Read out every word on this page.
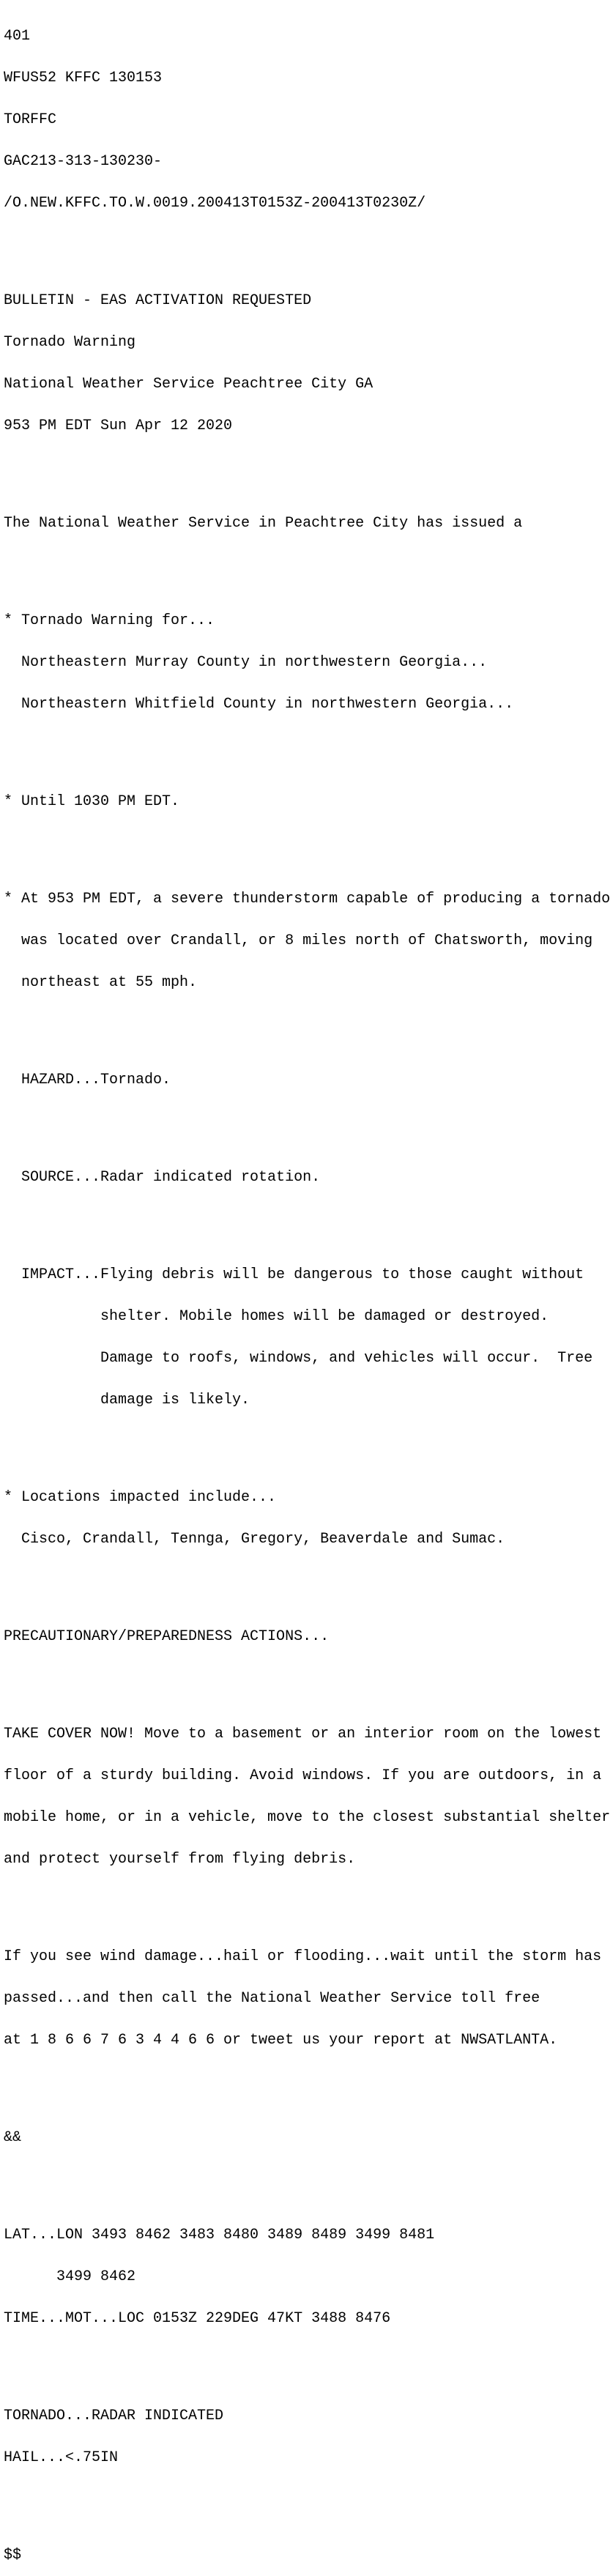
401

WFUS52 KFFC 130153

TORFFC

GAC213-313-130230-

/O.NEW.KFFC.TO.W.0019.200413T0153Z-200413T0230Z/

BULLETIN - EAS ACTIVATION REQUESTED

Tornado Warning

National Weather Service Peachtree City GA

953 PM EDT Sun Apr 12 2020

The National Weather Service in Peachtree City has issued a

* Tornado Warning for...

Northeastern Murray County in northwestern Georgia...

Northeastern Whitfield County in northwestern Georgia...

* Until 1030 PM EDT.

* At 953 PM EDT, a severe thunderstorm capable of producing a tornado

was located over Crandall, or 8 miles north of Chatsworth, moving

northeast at 55 mph.

HAZARD...Tornado.

SOURCE...Radar indicated rotation.

IMPACT...Flying debris will be dangerous to those caught without

shelter. Mobile homes will be damaged or destroyed.

Damage to roofs, windows, and vehicles will occur.  Tree

damage is likely.

* Locations impacted include...

Cisco, Crandall, Tennga, Gregory, Beaverdale and Sumac.

PRECAUTIONARY/PREPAREDNESS ACTIONS...

TAKE COVER NOW! Move to a basement or an interior room on the lowest

floor of a sturdy building. Avoid windows. If you are outdoors, in a

mobile home, or in a vehicle, move to the closest substantial shelter

and protect yourself from flying debris.

If you see wind damage...hail or flooding...wait until the storm has

passed...and then call the National Weather Service toll free

at 1 8 6 6 7 6 3 4 4 6 6 or tweet us your report at NWSATLANTA.

&&

LAT...LON 3493 8462 3483 8480 3489 8489 3499 8481

3499 8462

TIME...MOT...LOC 0153Z 229DEG 47KT 3488 8476

TORNADO...RADAR INDICATED

HAIL...<.75IN

$$
